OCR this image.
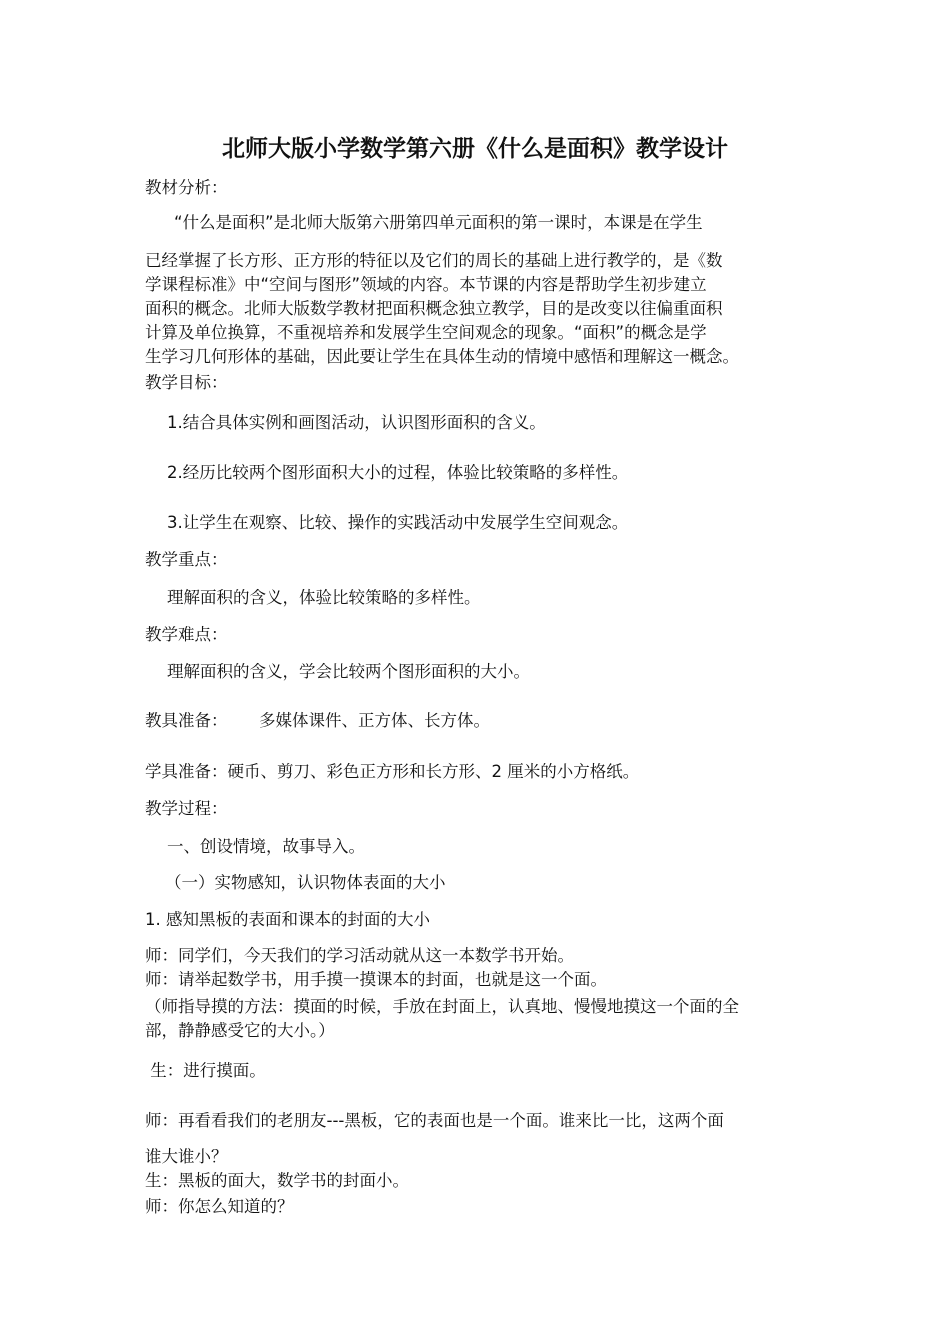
北师大版小学数学第六册《什么是面积》教学设计

教材分析：

“什么是面积”是北师大版第六册第四单元面积的第一课时，本课是在学生

已经掌握了长方形、正方形的特征以及它们的周长的基础上进行教学的，是《数

学课程标准》中“空间与图形”领域的内容。本节课的内容是帮助学生初步建立

面积的概念。北师大版数学教材把面积概念独立教学，目的是改变以往偏重面积

计算及单位换算，不重视培养和发展学生空间观念的现象。“面积”的概念是学

生学习几何形体的基础，因此要让学生在具体生动的情境中感悟和理解这一概念。

教学目标：

1.结合具体实例和画图活动，认识图形面积的含义。

2.经历比较两个图形面积大小的过程，体验比较策略的多样性。

3.让学生在观察、比较、操作的实践活动中发展学生空间观念。

教学重点：

理解面积的含义，体验比较策略的多样性。

教学难点：

理解面积的含义，学会比较两个图形面积的大小。

教具准备：      多媒体课件、正方体、长方体。

学具准备：硬币、剪刀、彩色正方形和长方形、2 厘米的小方格纸。

教学过程：

一、创设情境，故事导入。

（一）实物感知，认识物体表面的大小

1. 感知黑板的表面和课本的封面的大小

师：同学们，今天我们的学习活动就从这一本数学书开始。

师：请举起数学书，用手摸一摸课本的封面，也就是这一个面。

（师指导摸的方法：摸面的时候，手放在封面上，认真地、慢慢地摸这一个面的全

部，静静感受它的大小。）

生：进行摸面。

师：再看看我们的老朋友---黑板，它的表面也是一个面。谁来比一比，这两个面

谁大谁小？

生：黑板的面大，数学书的封面小。

师：你怎么知道的？
